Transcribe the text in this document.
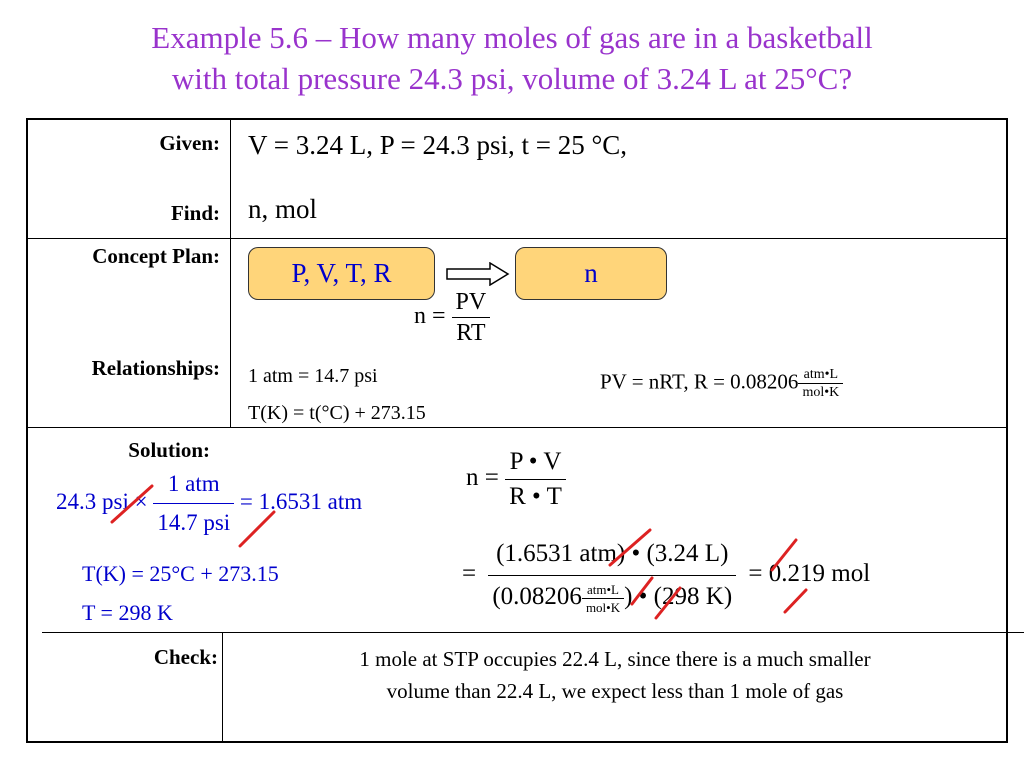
Example 5.6 – How many moles of gas are in a basketball
with total pressure 24.3 psi, volume of 3.24 L at 25°C?
Given: V = 3.24 L, P = 24.3 psi, t = 25 °C,
Find: n, mol
Concept Plan:
P, V, T, R	n
$n = \frac{PV}{RT}$
Relationships: 1 atm = 14.7 psi
T(K) = t(°C) + 273.15
PV = nRT, $R = 0.08206 \frac{\text{atm•L}}{\text{mol•K}}$
Solution:
24.3 psi × $\frac{\text{1 atm}}{\text{14.7 psi}} = 1.6531$ atm
T(K) = 25°C + 273.15
T = 298 K
$n = \frac{P • V}{R • T}$
= $\frac{\text{(1.6531 atm) • (3.24 L)}}{(0.08206 \frac{\text{atm•L}}{\text{mol•K}} ) • (298 K)} = 0.219$ mol
Check:	1 mole at STP occupies 22.4 L, since there is a much smaller
volume than 22.4 L, we expect less than 1 mole of gas
